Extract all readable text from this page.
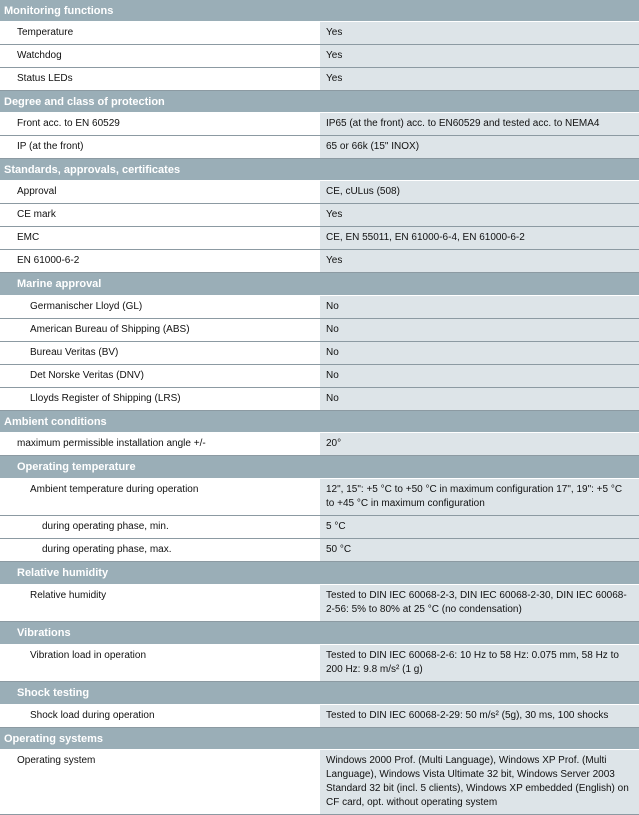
Monitoring functions
Temperature	Yes
Watchdog	Yes
Status LEDs	Yes
Degree and class of protection
Front acc. to EN 60529	IP65 (at the front) acc. to EN60529 and tested acc. to NEMA4
IP (at the front)	65 or 66k (15" INOX)
Standards, approvals, certificates
Approval	CE, cULus (508)
CE mark	Yes
EMC	CE, EN 55011, EN 61000-6-4, EN 61000-6-2
EN 61000-6-2	Yes
Marine approval
Germanischer Lloyd (GL)	No
American Bureau of Shipping (ABS)	No
Bureau Veritas (BV)	No
Det Norske Veritas (DNV)	No
Lloyds Register of Shipping (LRS)	No
Ambient conditions
maximum permissible installation angle +/-	20°
Operating temperature
Ambient temperature during operation	12", 15": +5 °C to +50 °C in maximum configuration 17", 19": +5 °C to +45 °C in maximum configuration
during operating phase, min.	5 °C
during operating phase, max.	50 °C
Relative humidity
Relative humidity	Tested to DIN IEC 60068-2-3, DIN IEC 60068-2-30, DIN IEC 60068-2-56: 5% to 80% at 25 °C (no condensation)
Vibrations
Vibration load in operation	Tested to DIN IEC 60068-2-6: 10 Hz to 58 Hz: 0.075 mm, 58 Hz to 200 Hz: 9.8 m/s² (1 g)
Shock testing
Shock load during operation	Tested to DIN IEC 60068-2-29: 50 m/s² (5g), 30 ms, 100 shocks
Operating systems
Operating system	Windows 2000 Prof. (Multi Language), Windows XP Prof. (Multi Language), Windows Vista Ultimate 32 bit, Windows Server 2003 Standard 32 bit (incl. 5 clients), Windows XP embedded (English) on CF card, opt. without operating system
